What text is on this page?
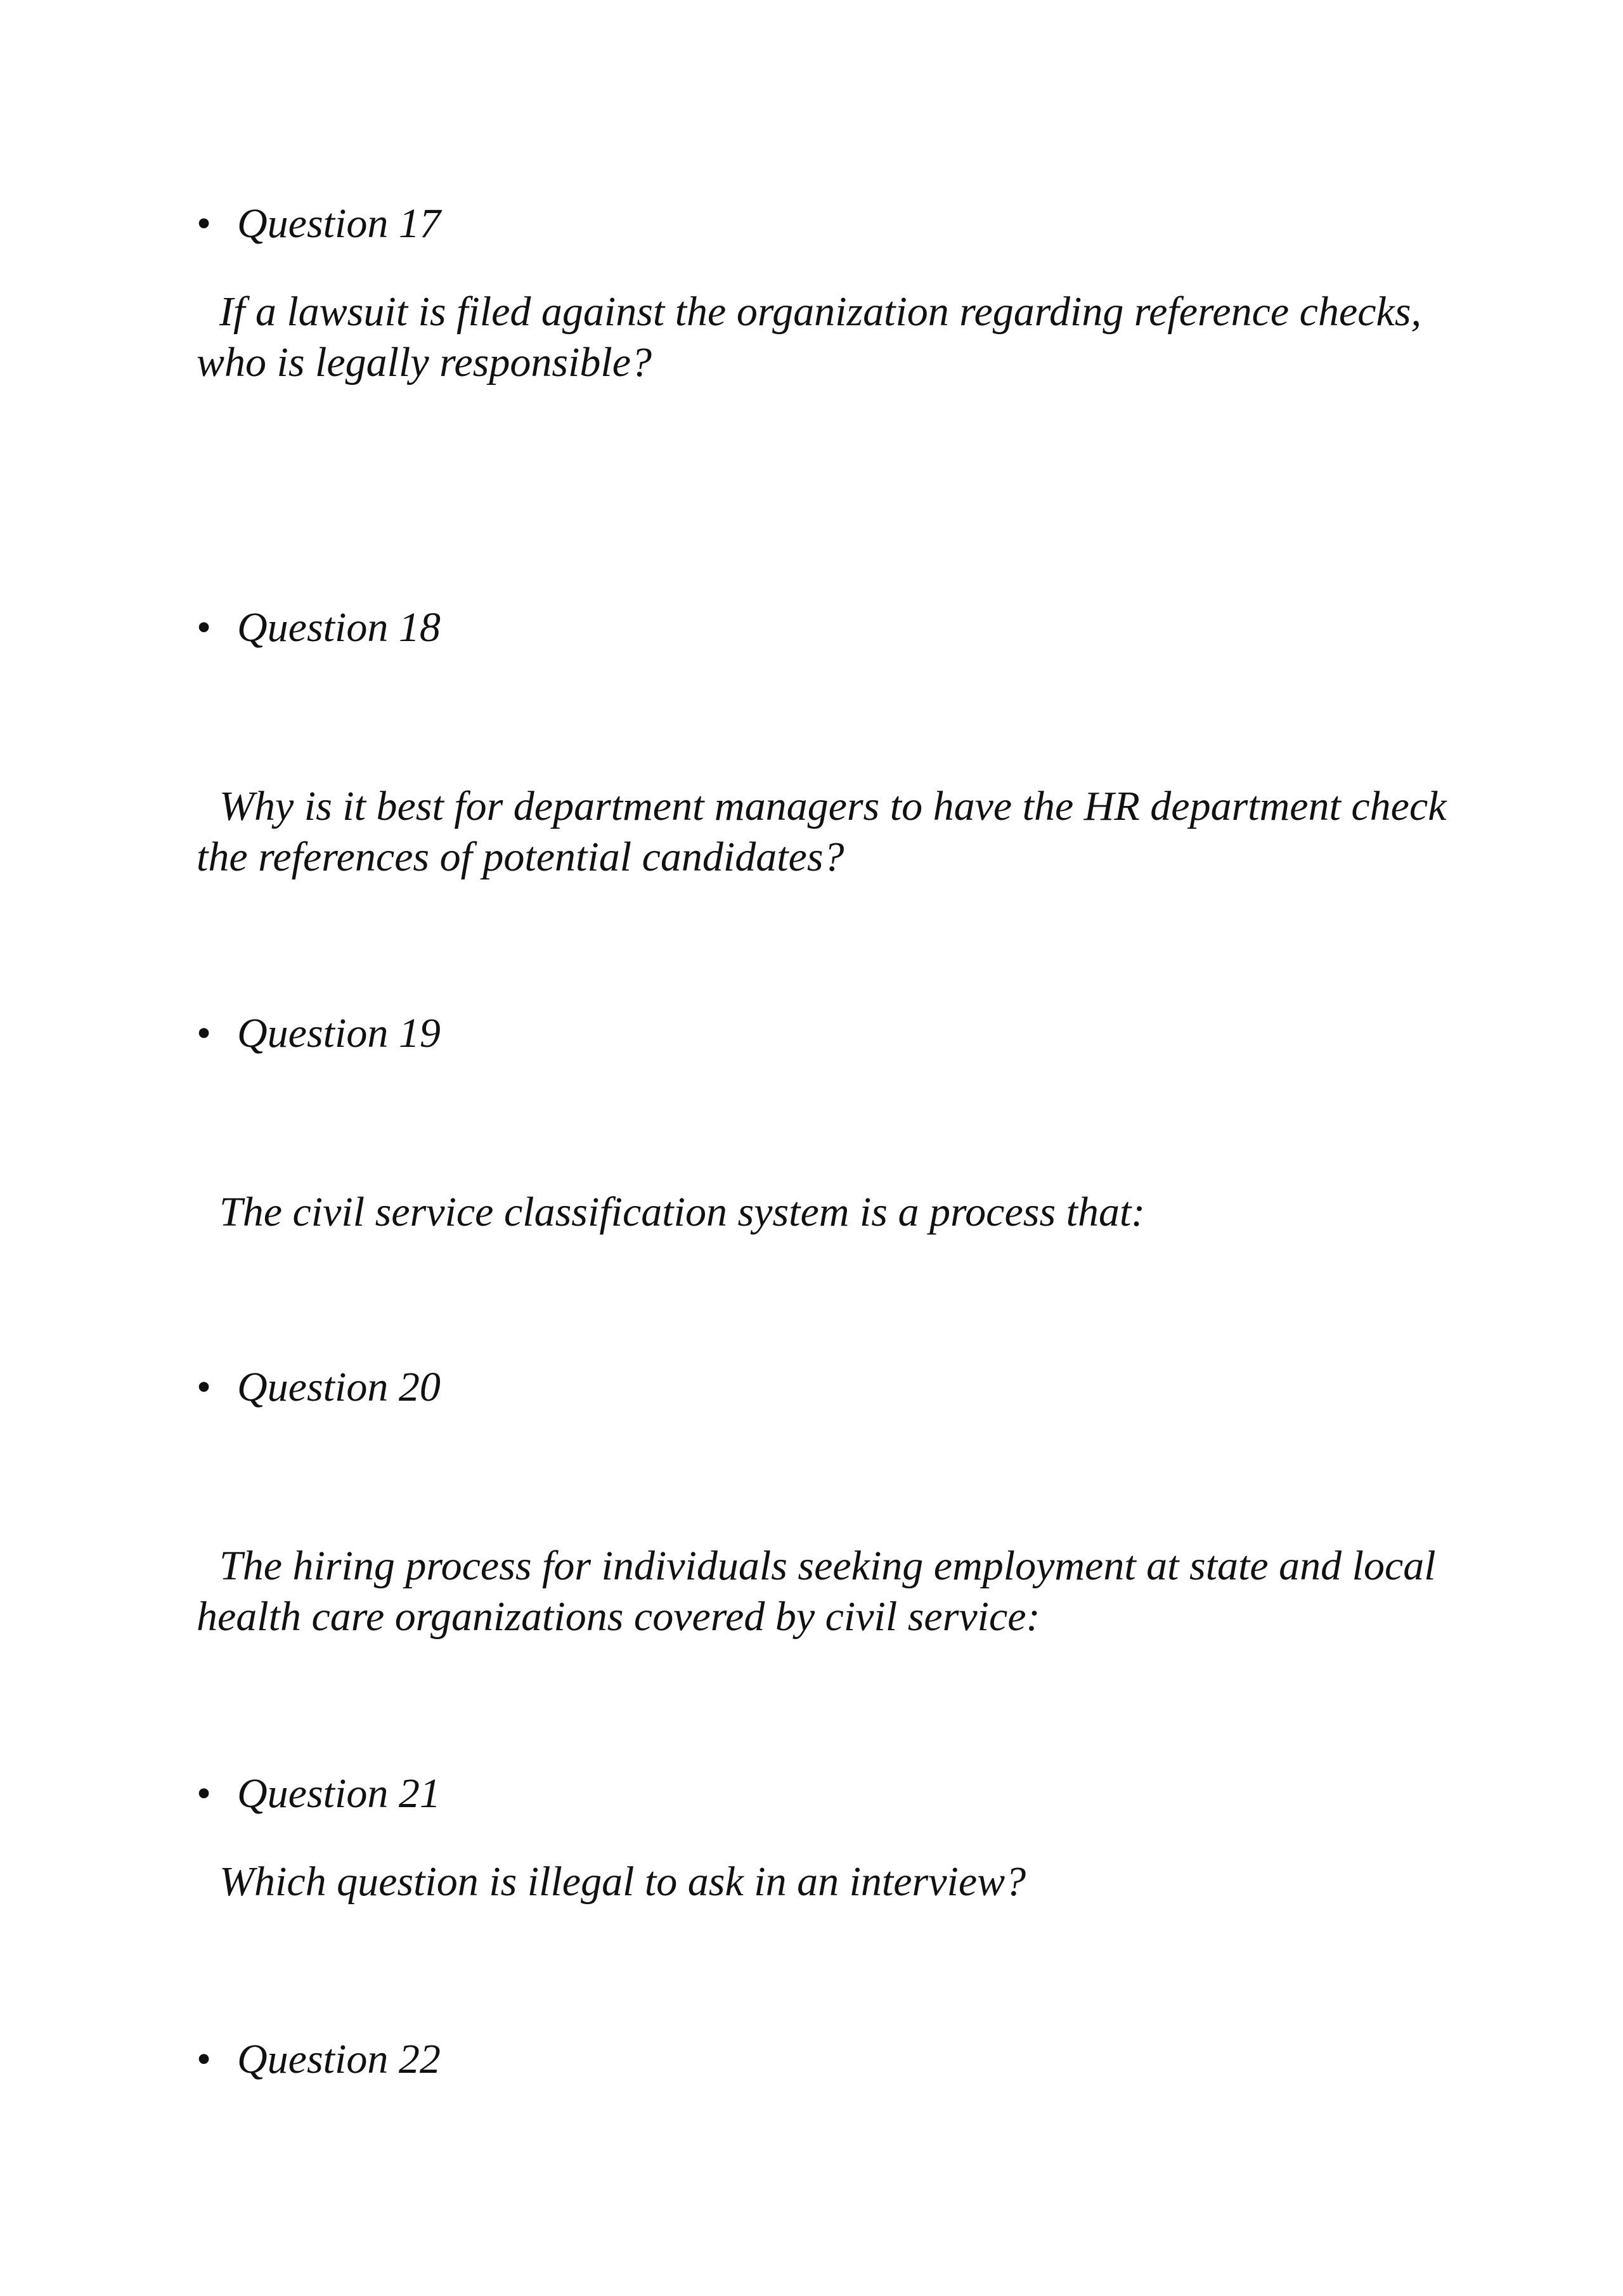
• Question 17

If a lawsuit is filed against the organization regarding reference checks, who is legally responsible?

• Question 18

Why is it best for department managers to have the HR department check the references of potential candidates?

• Question 19

The civil service classification system is a process that:

• Question 20

The hiring process for individuals seeking employment at state and local health care organizations covered by civil service:

• Question 21

Which question is illegal to ask in an interview?

• Question 22
